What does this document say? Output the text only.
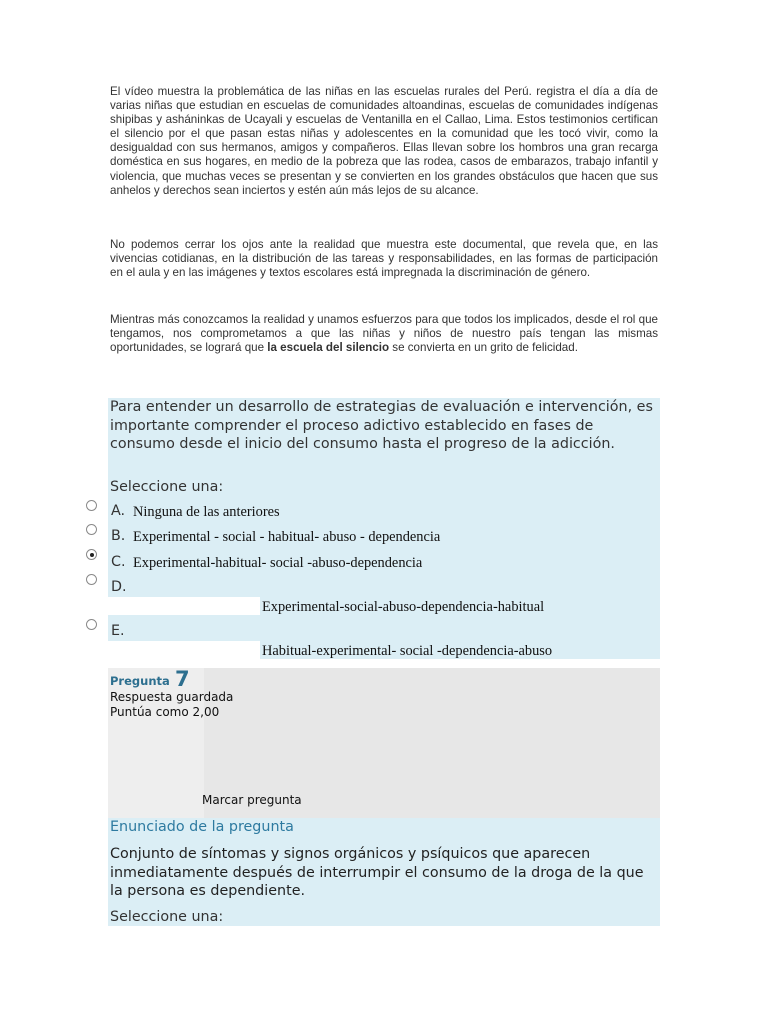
El vídeo muestra la problemática de las niñas en las escuelas rurales del Perú. registra el día a día de varias niñas que estudian en escuelas de comunidades altoandinas, escuelas de comunidades indígenas shipibas y asháninkas de Ucayali y escuelas de Ventanilla en el Callao, Lima. Estos testimonios certifican el silencio por el que pasan estas niñas y adolescentes en la comunidad que les tocó vivir, como la desigualdad con sus hermanos, amigos y compañeros. Ellas llevan sobre los hombros una gran recarga doméstica en sus hogares, en medio de la pobreza que las rodea, casos de embarazos, trabajo infantil y violencia, que muchas veces se presentan y se convierten en los grandes obstáculos que hacen que sus anhelos y derechos sean inciertos y estén aún más lejos de su alcance.

No podemos cerrar los ojos ante la realidad que muestra este documental, que revela que, en las vivencias cotidianas, en la distribución de las tareas y responsabilidades, en las formas de participación en el aula y en las imágenes y textos escolares está impregnada la discriminación de género.

Mientras más conozcamos la realidad y unamos esfuerzos para que todos los implicados, desde el rol que tengamos, nos comprometamos a que las niñas y niños de nuestro país tengan las mismas oportunidades, se logrará que la escuela del silencio se convierta en un grito de felicidad.

Para entender un desarrollo de estrategias de evaluación e intervención, es importante comprender el proceso adictivo establecido en fases de consumo desde el inicio del consumo hasta el progreso de la adicción.

Seleccione una:

A. Ninguna de las anteriores
B. Experimental - social - habitual- abuso - dependencia
C. Experimental-habitual- social -abuso-dependencia
D.
Experimental-social-abuso-dependencia-habitual
E.
Habitual-experimental- social -dependencia-abuso
Pregunta 7
Respuesta guardada
Puntúa como 2,00
Marcar pregunta
Enunciado de la pregunta

Conjunto de síntomas y signos orgánicos y psíquicos que aparecen inmediatamente después de interrumpir el consumo de la droga de la que la persona es dependiente.

Seleccione una:
